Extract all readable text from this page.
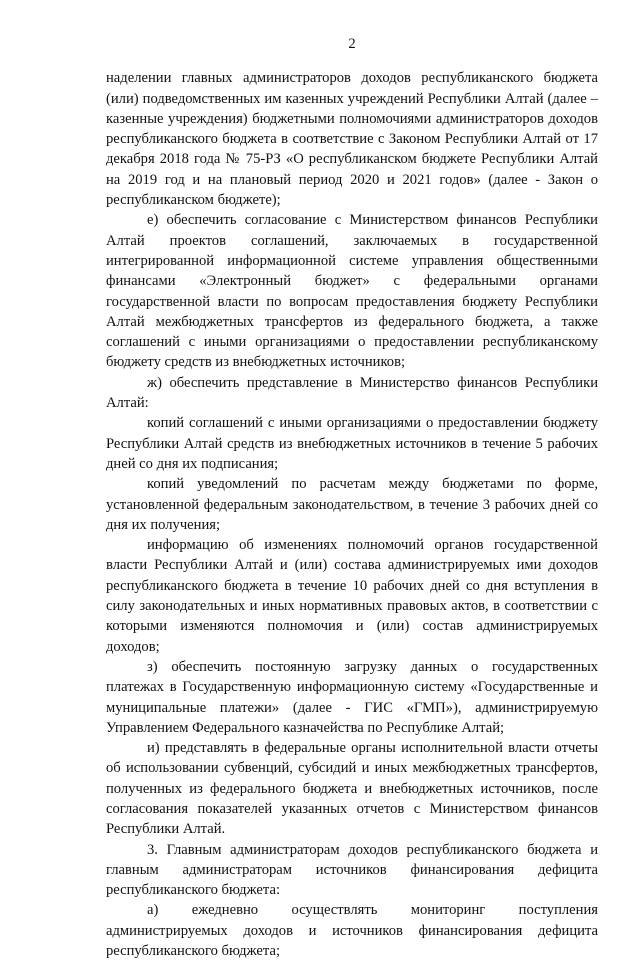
2

наделении главных администраторов доходов республиканского бюджета (или) подведомственных им казенных учреждений Республики Алтай (далее – казенные учреждения) бюджетными полномочиями администраторов доходов республиканского бюджета в соответствие с Законом Республики Алтай от 17 декабря 2018 года № 75-РЗ «О республиканском бюджете Республики Алтай на 2019 год и на плановый период 2020 и 2021 годов» (далее - Закон о республиканском бюджете);

е) обеспечить согласование с Министерством финансов Республики Алтай проектов соглашений, заключаемых в государственной интегрированной информационной системе управления общественными финансами «Электронный бюджет» с федеральными органами государственной власти по вопросам предоставления бюджету Республики Алтай межбюджетных трансфертов из федерального бюджета, а также соглашений с иными организациями о предоставлении республиканскому бюджету средств из внебюджетных источников;

ж) обеспечить представление в Министерство финансов Республики Алтай:

копий соглашений с иными организациями о предоставлении бюджету Республики Алтай средств из внебюджетных источников в течение 5 рабочих дней со дня их подписания;

копий уведомлений по расчетам между бюджетами по форме, установленной федеральным законодательством, в течение 3 рабочих дней со дня их получения;

информацию об изменениях полномочий органов государственной власти Республики Алтай и (или) состава администрируемых ими доходов республиканского бюджета в течение 10 рабочих дней со дня вступления в силу законодательных и иных нормативных правовых актов, в соответствии с которыми изменяются полномочия и (или) состав администрируемых доходов;

з) обеспечить постоянную загрузку данных о государственных платежах в Государственную информационную систему «Государственные и муниципальные платежи» (далее - ГИС «ГМП»), администрируемую Управлением Федерального казначейства по Республике Алтай;

и) представлять в федеральные органы исполнительной власти отчеты об использовании субвенций, субсидий и иных межбюджетных трансфертов, полученных из федерального бюджета и внебюджетных источников, после согласования показателей указанных отчетов с Министерством финансов Республики Алтай.

3. Главным администраторам доходов республиканского бюджета и главным администраторам источников финансирования дефицита республиканского бюджета:

а) ежедневно осуществлять мониторинг поступления администрируемых доходов и источников финансирования дефицита республиканского бюджета;
